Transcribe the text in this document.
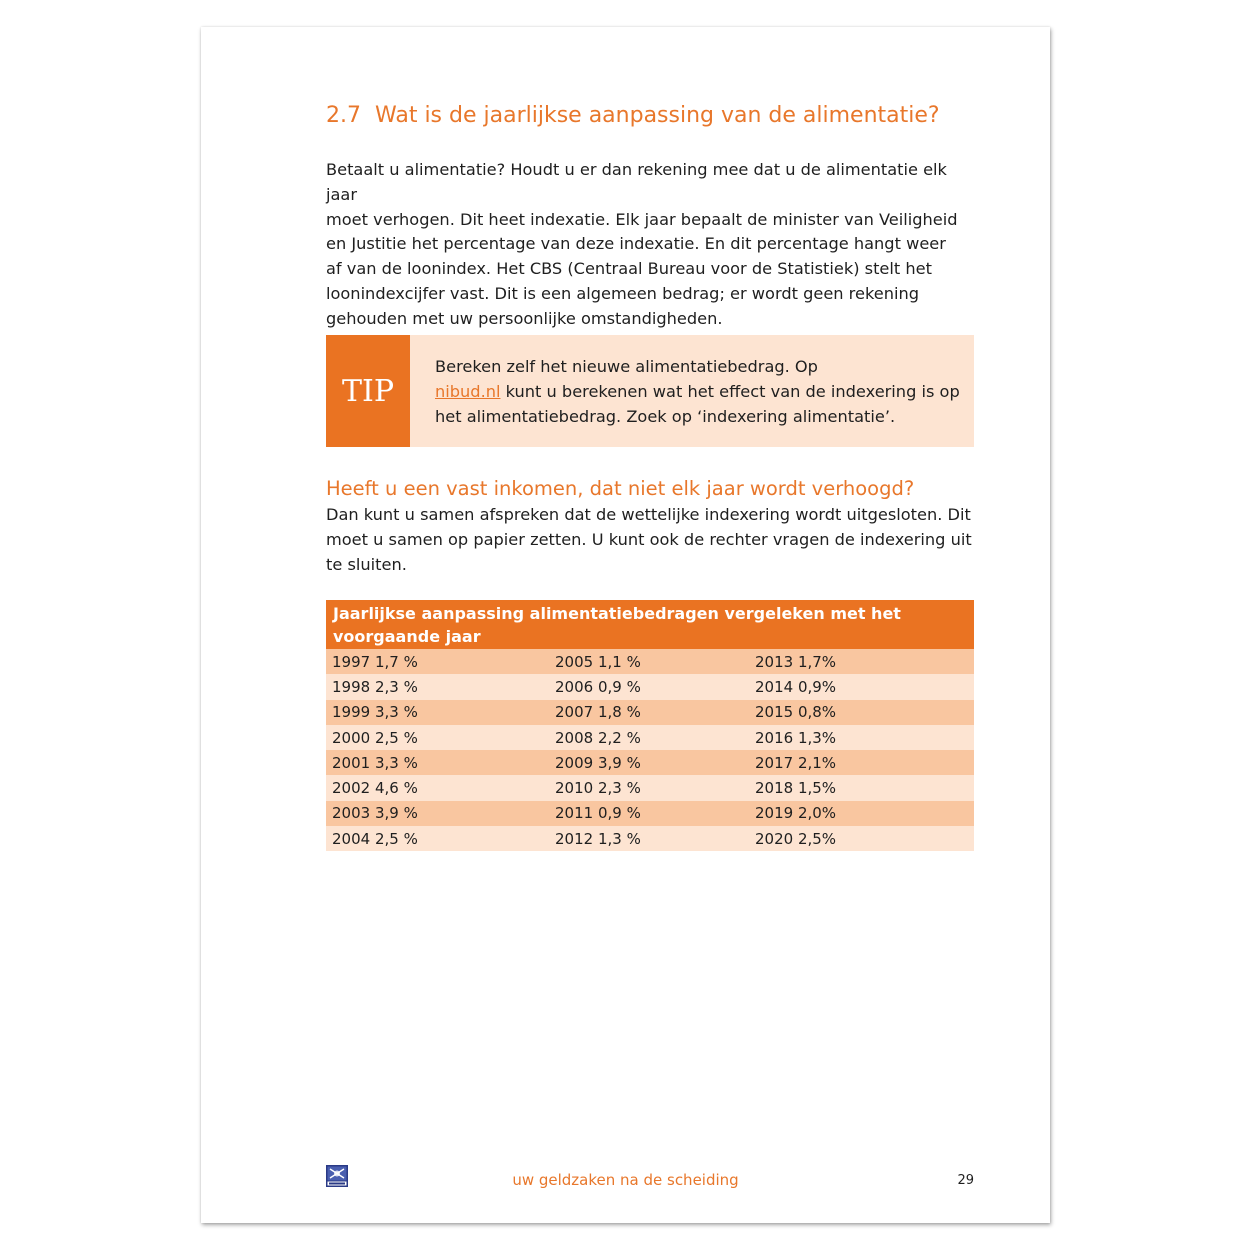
2.7 Wat is de jaarlijkse aanpassing van de alimentatie?

Betaalt u alimentatie? Houdt u er dan rekening mee dat u de alimentatie elk jaar

moet verhogen. Dit heet indexatie. Elk jaar bepaalt de minister van Veiligheid

en Justitie het percentage van deze indexatie. En dit percentage hangt weer

af van de loonindex. Het CBS (Centraal Bureau voor de Statistiek) stelt het

loonindexcijfer vast. Dit is een algemeen bedrag; er wordt geen rekening

gehouden met uw persoonlijke omstandigheden.

TIP
Bereken zelf het nieuwe alimentatiebedrag. Op
nibud.nl kunt u berekenen wat het effect van de indexering is op
het alimentatiebedrag. Zoek op ‘indexering alimentatie’.
Heeft u een vast inkomen, dat niet elk jaar wordt verhoogd?

Dan kunt u samen afspreken dat de wettelijke indexering wordt uitgesloten. Dit

moet u samen op papier zetten. U kunt ook de rechter vragen de indexering uit

te sluiten.

Jaarlijkse aanpassing alimentatiebedragen vergeleken met het
voorgaande jaar
1997 1,7 %	2005 1,1 %	2013 1,7%
1998 2,3 %	2006 0,9 %	2014 0,9%
1999 3,3 %	2007 1,8 %	2015 0,8%
2000 2,5 %	2008 2,2 %	2016 1,3%
2001 3,3 %	2009 3,9 %	2017 2,1%
2002 4,6 %	2010 2,3 %	2018 1,5%
2003 3,9 %	2011 0,9 %	2019 2,0%
2004 2,5 %	2012 1,3 %	2020 2,5%
uw geldzaken na de scheiding	29
